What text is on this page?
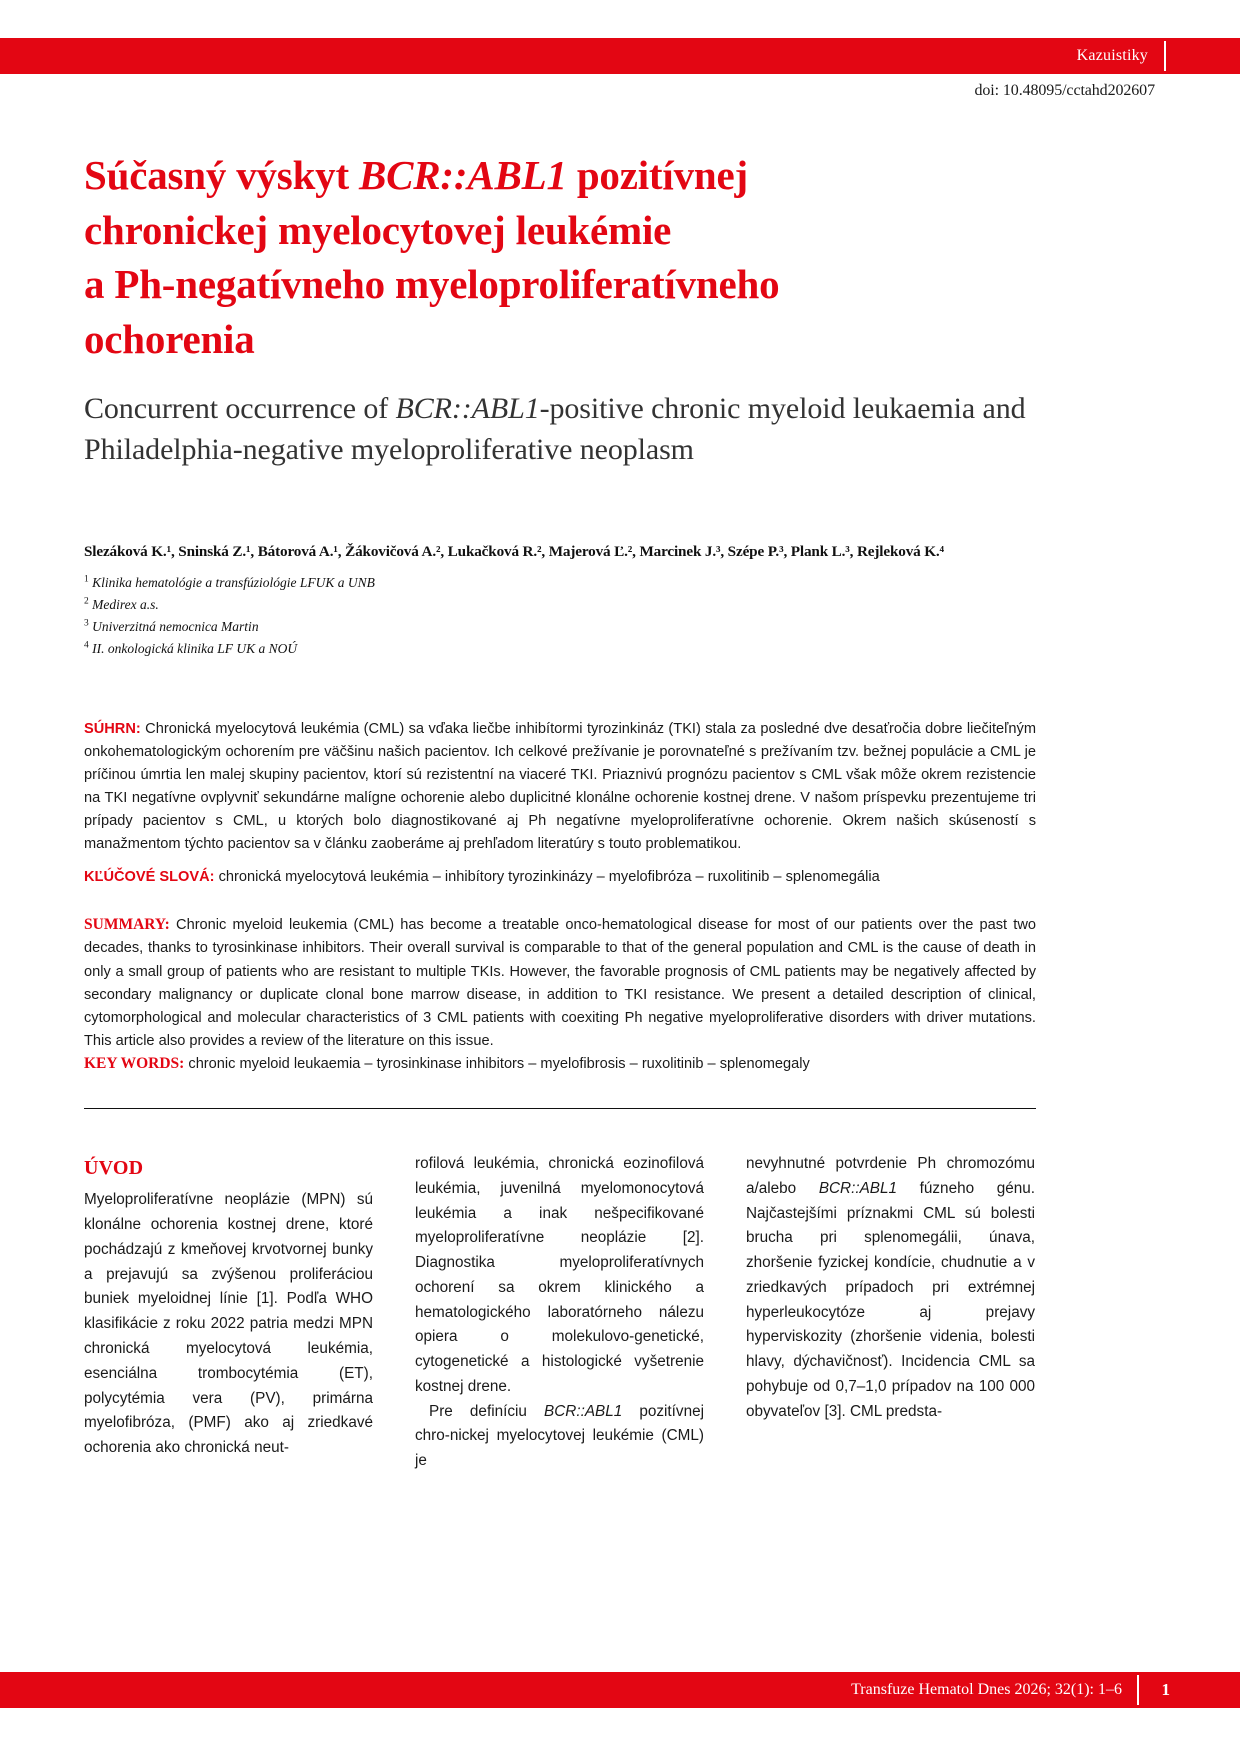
Kazuistiky
doi: 10.48095/cctahd202607
Súčasný výskyt BCR::ABL1 pozitívnej
chronickej myelocytovej leukémie
a Ph-negatívneho myeloproliferatívneho
ochorenia
Concurrent occurrence of BCR::ABL1-positive chronic myeloid leukaemia and Philadelphia-negative myeloproliferative neoplasm
Slezáková K.¹, Sninská Z.¹, Bátorová A.¹, Žákovičová A.², Lukačková R.², Majerová Ľ.², Marcinek J.³, Szépe P.³, Plank L.³, Rejleková K.⁴
$^1$ Klinika hematológie a transfúziológie LFUK a UNB
$^2$ Medirex a.s.
$^3$ Univerzitná nemocnica Martin
$^4$ II. onkologická klinika LF UK a NOÚ
SÚHRN: Chronická myelocytová leukémia (CML) sa vďaka liečbe inhibítormi tyrozinkináz (TKI) stala za posledné dve desaťročia dobre liečiteľným onkohematologickým ochorením pre väčšinu našich pacientov. Ich celkové prežívanie je porovnateľné s prežívaním tzv. bežnej populácie a CML je príčinou úmrtia len malej skupiny pacientov, ktorí sú rezistentní na viaceré TKI. Priaznivú prognózu pacientov s CML však môže okrem rezistencie na TKI negatívne ovplyvniť sekundárne malígne ochorenie alebo duplicitné klonálne ochorenie kostnej drene. V našom príspevku prezentujeme tri prípady pacientov s CML, u ktorých bolo diagnostikované aj Ph negatívne myeloproliferatívne ochorenie. Okrem našich skúseností s manažmentom týchto pacientov sa v článku zaoberáme aj prehľadom literatúry s touto problematikou.
KĽÚČOVÉ SLOVÁ: chronická myelocytová leukémia – inhibítory tyrozinkinázy – myelofibróza – ruxolitinib – splenomegália
SUMMARY: Chronic myeloid leukemia (CML) has become a treatable onco-hematological disease for most of our patients over the past two decades, thanks to tyrosinkinase inhibitors. Their overall survival is comparable to that of the general population and CML is the cause of death in only a small group of patients who are resistant to multiple TKIs. However, the favorable prognosis of CML patients may be negatively affected by secondary malignancy or duplicate clonal bone marrow disease, in addition to TKI resistance. We present a detailed description of clinical, cytomorphological and molecular characteristics of 3 CML patients with coexiting Ph negative myeloproliferative disorders with driver mutations. This article also provides a review of the literature on this issue.
KEY WORDS: chronic myeloid leukaemia – tyrosinkinase inhibitors – myelofibrosis – ruxolitinib – splenomegaly
ÚVOD

Myeloproliferatívne neoplázie (MPN) sú klonálne ochorenia kostnej drene, ktoré pochádzajú z kmeňovej krvotvornej bunky a prejavujú sa zvýšenou proliferáciou buniek myeloidnej línie [1]. Podľa WHO klasifikácie z roku 2022 patria medzi MPN chronická myelocytová leukémia, esenciálna trombocytémia (ET), polycytémia vera (PV), primárna myelofibróza, (PMF) ako aj zriedkavé ochorenia ako chronická neut-

rofilová leukémia, chronická eozinofilová leukémia, juvenilná myelomonocytová leukémia a inak nešpecifikované myeloproliferatívne neoplázie [2]. Diagnostika myeloproliferatívnych ochorení sa okrem klinického a hematologického laboratórneho nálezu opiera o molekulovo-genetické, cytogenetické a histologické vyšetrenie kostnej drene.

Pre definíciu BCR::ABL1 pozitívnej chro-nickej myelocytovej leukémie (CML) je

nevyhnutné potvrdenie Ph chromozómu a/alebo BCR::ABL1 fúzneho génu. Najčastejšími príznakmi CML sú bolesti brucha pri splenomegálii, únava, zhoršenie fyzickej kondície, chudnutie a v zriedkavých prípadoch pri extrémnej hyperleukocytóze aj prejavy hyperviskozity (zhoršenie videnia, bolesti hlavy, dýchavičnosť). Incidencia CML sa pohybuje od 0,7–1,0 prípadov na 100 000 obyvateľov [3]. CML predsta-

Transfuze Hematol Dnes 2026; 32(1): 1–6 1
